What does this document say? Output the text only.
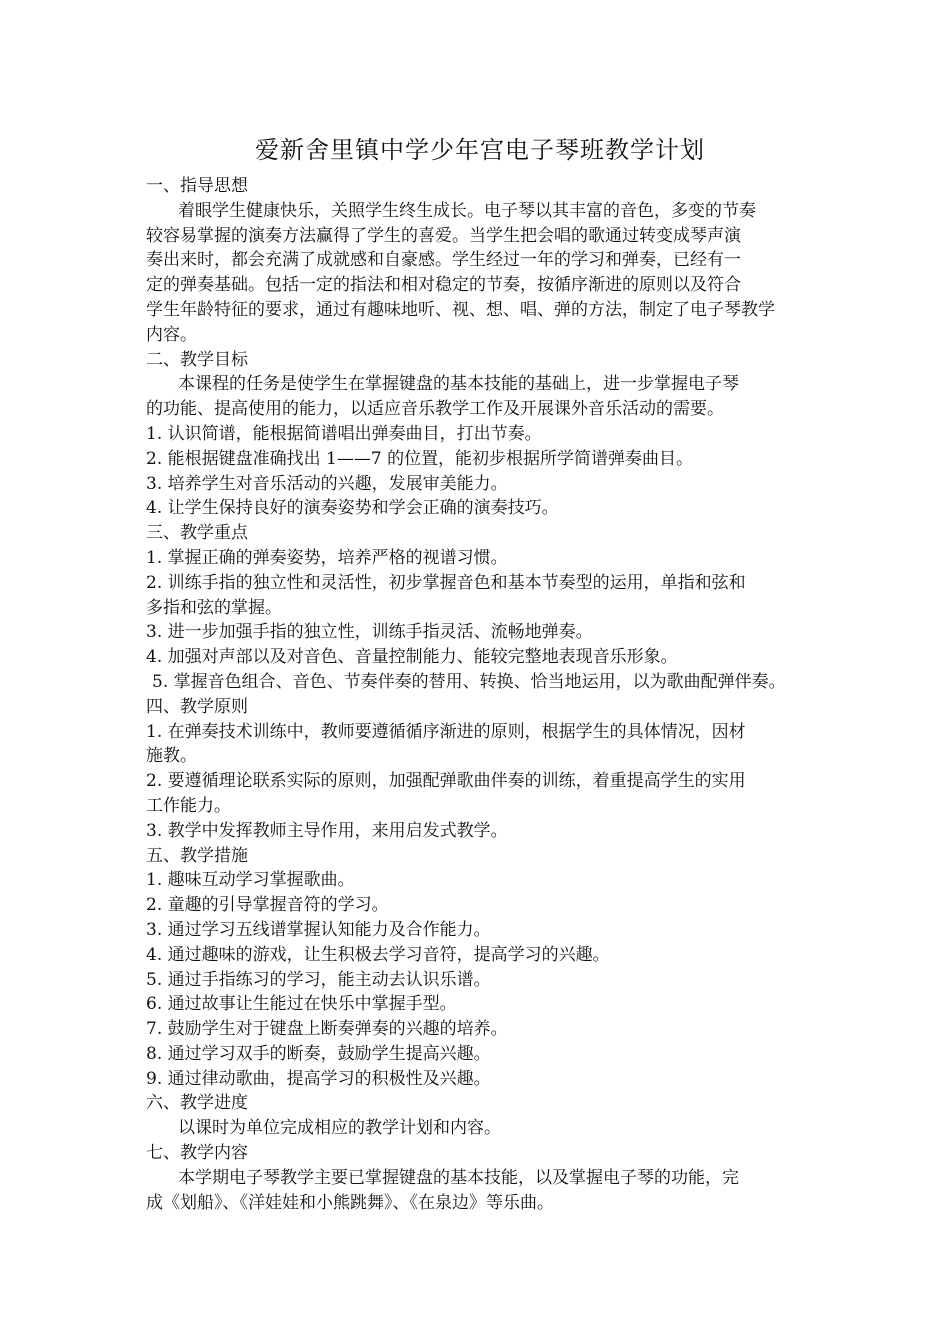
爱新舍里镇中学少年宫电子琴班教学计划

一、指导思想

着眼学生健康快乐，关照学生终生成长。电子琴以其丰富的音色，多变的节奏

较容易掌握的演奏方法赢得了学生的喜爱。当学生把会唱的歌通过转变成琴声演

奏出来时，都会充满了成就感和自豪感。学生经过一年的学习和弹奏，已经有一

定的弹奏基础。包括一定的指法和相对稳定的节奏，按循序渐进的原则以及符合

学生年龄特征的要求，通过有趣味地听、视、想、唱、弹的方法，制定了电子琴教学

内容。

二、教学目标

本课程的任务是使学生在掌握键盘的基本技能的基础上，进一步掌握电子琴

的功能、提高使用的能力，以适应音乐教学工作及开展课外音乐活动的需要。

1. 认识简谱，能根据简谱唱出弹奏曲目，打出节奏。

2. 能根据键盘准确找出 1——7 的位置，能初步根据所学简谱弹奏曲目。

3. 培养学生对音乐活动的兴趣，发展审美能力。

4. 让学生保持良好的演奏姿势和学会正确的演奏技巧。

三、教学重点

1. 掌握正确的弹奏姿势，培养严格的视谱习惯。

2. 训练手指的独立性和灵活性，初步掌握音色和基本节奏型的运用，单指和弦和

多指和弦的掌握。

3. 进一步加强手指的独立性，训练手指灵活、流畅地弹奏。

4. 加强对声部以及对音色、音量控制能力、能较完整地表现音乐形象。

5. 掌握音色组合、音色、节奏伴奏的替用、转换、恰当地运用，以为歌曲配弹伴奏。

四、教学原则

1. 在弹奏技术训练中，教师要遵循循序渐进的原则，根据学生的具体情况，因材

施教。

2. 要遵循理论联系实际的原则，加强配弹歌曲伴奏的训练，着重提高学生的实用

工作能力。

3. 教学中发挥教师主导作用，来用启发式教学。

五、教学措施

1. 趣味互动学习掌握歌曲。

2. 童趣的引导掌握音符的学习。

3. 通过学习五线谱掌握认知能力及合作能力。

4. 通过趣味的游戏，让生积极去学习音符，提高学习的兴趣。

5. 通过手指练习的学习，能主动去认识乐谱。

6. 通过故事让生能过在快乐中掌握手型。

7. 鼓励学生对于键盘上断奏弹奏的兴趣的培养。

8. 通过学习双手的断奏，鼓励学生提高兴趣。

9. 通过律动歌曲，提高学习的积极性及兴趣。

六、教学进度

以课时为单位完成相应的教学计划和内容。

七、教学内容

本学期电子琴教学主要已掌握键盘的基本技能，以及掌握电子琴的功能，完

成《划船》、《洋娃娃和小熊跳舞》、《在泉边》等乐曲。
